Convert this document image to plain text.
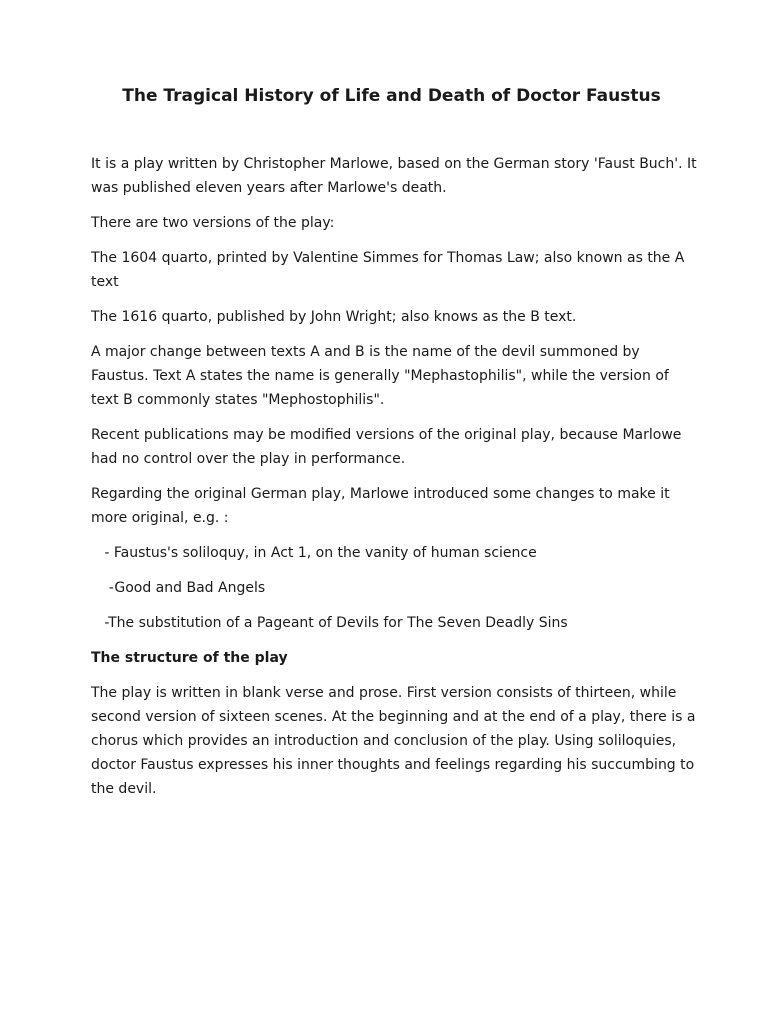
The Tragical History of Life and Death of Doctor Faustus

It is a play written by Christopher Marlowe, based on the German story 'Faust Buch'. It was published eleven years after Marlowe's death.

There are two versions of the play:

The 1604 quarto, printed by Valentine Simmes for Thomas Law; also known as the A text

The 1616 quarto, published by John Wright; also knows as the B text.

A major change between texts A and B is the name of the devil summoned by Faustus. Text A states the name is generally "Mephastophilis", while the version of text B commonly states "Mephostophilis".

Recent publications may be modified versions of the original play, because Marlowe had no control over the play in performance.

Regarding the original German play, Marlowe introduced some changes to make it more original, e.g. :

- Faustus's soliloquy, in Act 1, on the vanity of human science

-Good and Bad Angels

-The substitution of a Pageant of Devils for The Seven Deadly Sins

The structure of the play

The play is written in blank verse and prose. First version consists of thirteen, while second version of sixteen scenes. At the beginning and at the end of a play, there is a chorus which provides an introduction and conclusion of the play. Using soliloquies, doctor Faustus expresses his inner thoughts and feelings regarding his succumbing to the devil.
